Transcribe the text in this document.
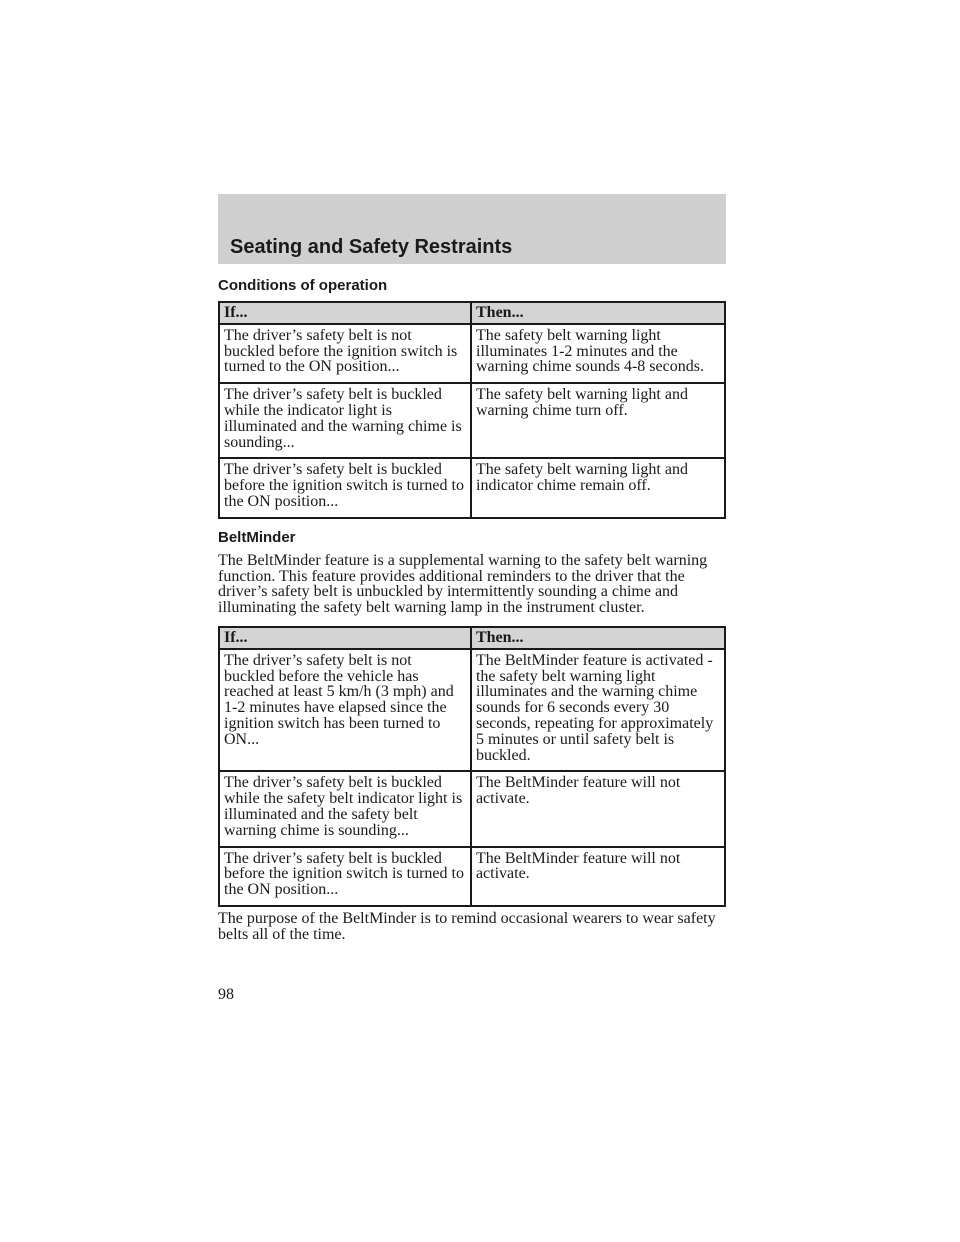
Seating and Safety Restraints
Conditions of operation
If...	Then...
The driver’s safety belt is not buckled before the ignition switch is turned to the ON position...	The safety belt warning light illuminates 1-2 minutes and the warning chime sounds 4-8 seconds.
The driver’s safety belt is buckled while the indicator light is illuminated and the warning chime is sounding...	The safety belt warning light and warning chime turn off.
The driver’s safety belt is buckled before the ignition switch is turned to the ON position...	The safety belt warning light and indicator chime remain off.
BeltMinder

The BeltMinder feature is a supplemental warning to the safety belt warning function. This feature provides additional reminders to the driver that the driver’s safety belt is unbuckled by intermittently sounding a chime and illuminating the safety belt warning lamp in the instrument cluster.

If...	Then...
The driver’s safety belt is not buckled before the vehicle has reached at least 5 km/h (3 mph) and 1-2 minutes have elapsed since the ignition switch has been turned to ON...	The BeltMinder feature is activated - the safety belt warning light illuminates and the warning chime sounds for 6 seconds every 30 seconds, repeating for approximately 5 minutes or until safety belt is buckled.
The driver’s safety belt is buckled while the safety belt indicator light is illuminated and the safety belt warning chime is sounding...	The BeltMinder feature will not activate.
The driver’s safety belt is buckled before the ignition switch is turned to the ON position...	The BeltMinder feature will not activate.

The purpose of the BeltMinder is to remind occasional wearers to wear safety belts all of the time.

98
